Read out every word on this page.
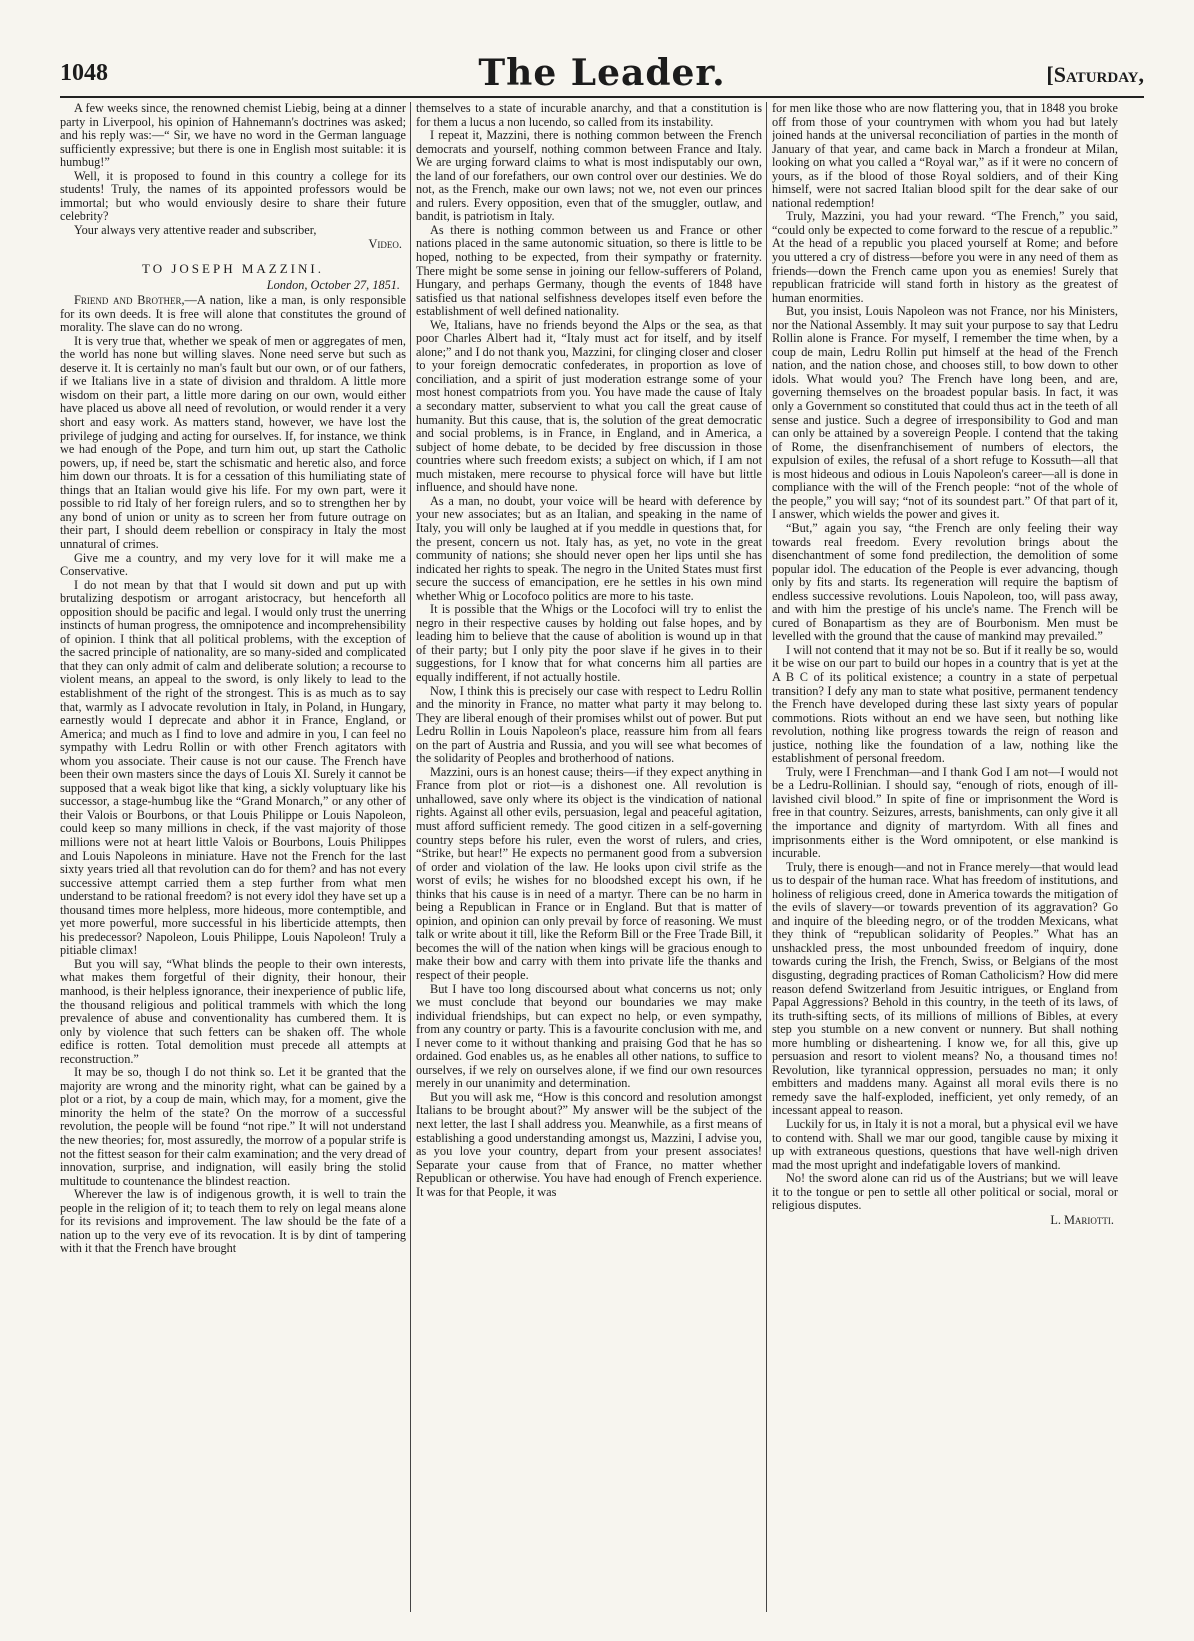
1048	The Leader.	[Saturday,

A few weeks since, the renowned chemist Liebig, being at a dinner party in Liverpool, his opinion of Hahnemann's doctrines was asked; and his reply was:—“ Sir, we have no word in the German language sufficiently expressive; but there is one in English most suitable: it is humbug!”

Well, it is proposed to found in this country a college for its students! Truly, the names of its appointed professors would be immortal; but who would enviously desire to share their future celebrity?

Your always very attentive reader and subscriber,

Video.

TO JOSEPH MAZZINI.

London, October 27, 1851.

Friend and Brother,—A nation, like a man, is only responsible for its own deeds. It is free will alone that constitutes the ground of morality. The slave can do no wrong.

It is very true that, whether we speak of men or aggregates of men, the world has none but willing slaves. None need serve but such as deserve it. It is certainly no man's fault but our own, or of our fathers, if we Italians live in a state of division and thraldom. A little more wisdom on their part, a little more daring on our own, would either have placed us above all need of revolution, or would render it a very short and easy work. As matters stand, however, we have lost the privilege of judging and acting for ourselves. If, for instance, we think we had enough of the Pope, and turn him out, up start the Catholic powers, up, if need be, start the schismatic and heretic also, and force him down our throats. It is for a cessation of this humiliating state of things that an Italian would give his life. For my own part, were it possible to rid Italy of her foreign rulers, and so to strengthen her by any bond of union or unity as to screen her from future outrage on their part, I should deem rebellion or conspiracy in Italy the most unnatural of crimes.

Give me a country, and my very love for it will make me a Conservative.

I do not mean by that that I would sit down and put up with brutalizing despotism or arrogant aristocracy, but henceforth all opposition should be pacific and legal. I would only trust the unerring instincts of human progress, the omnipotence and incomprehensibility of opinion. I think that all political problems, with the exception of the sacred principle of nationality, are so many-sided and complicated that they can only admit of calm and deliberate solution; a recourse to violent means, an appeal to the sword, is only likely to lead to the establishment of the right of the strongest. This is as much as to say that, warmly as I advocate revolution in Italy, in Poland, in Hungary, earnestly would I deprecate and abhor it in France, England, or America; and much as I find to love and admire in you, I can feel no sympathy with Ledru Rollin or with other French agitators with whom you associate. Their cause is not our cause. The French have been their own masters since the days of Louis XI. Surely it cannot be supposed that a weak bigot like that king, a sickly voluptuary like his successor, a stage-humbug like the “Grand Monarch,” or any other of their Valois or Bourbons, or that Louis Philippe or Louis Napoleon, could keep so many millions in check, if the vast majority of those millions were not at heart little Valois or Bourbons, Louis Philippes and Louis Napoleons in miniature. Have not the French for the last sixty years tried all that revolution can do for them? and has not every successive attempt carried them a step further from what men understand to be rational freedom? is not every idol they have set up a thousand times more helpless, more hideous, more contemptible, and yet more powerful, more successful in his liberticide attempts, then his predecessor? Napoleon, Louis Philippe, Louis Napoleon! Truly a pitiable climax!

But you will say, “What blinds the people to their own interests, what makes them forgetful of their dignity, their honour, their manhood, is their helpless ignorance, their inexperience of public life, the thousand religious and political trammels with which the long prevalence of abuse and conventionality has cumbered them. It is only by violence that such fetters can be shaken off. The whole edifice is rotten. Total demolition must precede all attempts at reconstruction.”

It may be so, though I do not think so. Let it be granted that the majority are wrong and the minority right, what can be gained by a plot or a riot, by a coup de main, which may, for a moment, give the minority the helm of the state? On the morrow of a successful revolution, the people will be found “not ripe.” It will not understand the new theories; for, most assuredly, the morrow of a popular strife is not the fittest season for their calm examination; and the very dread of innovation, surprise, and indignation, will easily bring the stolid multitude to countenance the blindest reaction.

Wherever the law is of indigenous growth, it is well to train the people in the religion of it; to teach them to rely on legal means alone for its revisions and improvement. The law should be the fate of a nation up to the very eve of its revocation. It is by dint of tampering with it that the French have brought

themselves to a state of incurable anarchy, and that a constitution is for them a lucus a non lucendo, so called from its instability.

I repeat it, Mazzini, there is nothing common between the French democrats and yourself, nothing common between France and Italy. We are urging forward claims to what is most indisputably our own, the land of our forefathers, our own control over our destinies. We do not, as the French, make our own laws; not we, not even our princes and rulers. Every opposition, even that of the smuggler, outlaw, and bandit, is patriotism in Italy.

As there is nothing common between us and France or other nations placed in the same autonomic situation, so there is little to be hoped, nothing to be expected, from their sympathy or fraternity. There might be some sense in joining our fellow-sufferers of Poland, Hungary, and perhaps Germany, though the events of 1848 have satisfied us that national selfishness developes itself even before the establishment of well defined nationality.

We, Italians, have no friends beyond the Alps or the sea, as that poor Charles Albert had it, “Italy must act for itself, and by itself alone;” and I do not thank you, Mazzini, for clinging closer and closer to your foreign democratic confederates, in proportion as love of conciliation, and a spirit of just moderation estrange some of your most honest compatriots from you. You have made the cause of Italy a secondary matter, subservient to what you call the great cause of humanity. But this cause, that is, the solution of the great democratic and social problems, is in France, in England, and in America, a subject of home debate, to be decided by free discussion in those countries where such freedom exists; a subject on which, if I am not much mistaken, mere recourse to physical force will have but little influence, and should have none.

As a man, no doubt, your voice will be heard with deference by your new associates; but as an Italian, and speaking in the name of Italy, you will only be laughed at if you meddle in questions that, for the present, concern us not. Italy has, as yet, no vote in the great community of nations; she should never open her lips until she has indicated her rights to speak. The negro in the United States must first secure the success of emancipation, ere he settles in his own mind whether Whig or Locofoco politics are more to his taste.

It is possible that the Whigs or the Locofoci will try to enlist the negro in their respective causes by holding out false hopes, and by leading him to believe that the cause of abolition is wound up in that of their party; but I only pity the poor slave if he gives in to their suggestions, for I know that for what concerns him all parties are equally indifferent, if not actually hostile.

Now, I think this is precisely our case with respect to Ledru Rollin and the minority in France, no matter what party it may belong to. They are liberal enough of their promises whilst out of power. But put Ledru Rollin in Louis Napoleon's place, reassure him from all fears on the part of Austria and Russia, and you will see what becomes of the solidarity of Peoples and brotherhood of nations.

Mazzini, ours is an honest cause; theirs—if they expect anything in France from plot or riot—is a dishonest one. All revolution is unhallowed, save only where its object is the vindication of national rights. Against all other evils, persuasion, legal and peaceful agitation, must afford sufficient remedy. The good citizen in a self-governing country steps before his ruler, even the worst of rulers, and cries, “Strike, but hear!” He expects no permanent good from a subversion of order and violation of the law. He looks upon civil strife as the worst of evils; he wishes for no bloodshed except his own, if he thinks that his cause is in need of a martyr. There can be no harm in being a Republican in France or in England. But that is matter of opinion, and opinion can only prevail by force of reasoning. We must talk or write about it till, like the Reform Bill or the Free Trade Bill, it becomes the will of the nation when kings will be gracious enough to make their bow and carry with them into private life the thanks and respect of their people.

But I have too long discoursed about what concerns us not; only we must conclude that beyond our boundaries we may make individual friendships, but can expect no help, or even sympathy, from any country or party. This is a favourite conclusion with me, and I never come to it without thanking and praising God that he has so ordained. God enables us, as he enables all other nations, to suffice to ourselves, if we rely on ourselves alone, if we find our own resources merely in our unanimity and determination.

But you will ask me, “How is this concord and resolution amongst Italians to be brought about?” My answer will be the subject of the next letter, the last I shall address you. Meanwhile, as a first means of establishing a good understanding amongst us, Mazzini, I advise you, as you love your country, depart from your present associates! Separate your cause from that of France, no matter whether Republican or otherwise. You have had enough of French experience. It was for that People, it was

for men like those who are now flattering you, that in 1848 you broke off from those of your countrymen with whom you had but lately joined hands at the universal reconciliation of parties in the month of January of that year, and came back in March a frondeur at Milan, looking on what you called a “Royal war,” as if it were no concern of yours, as if the blood of those Royal soldiers, and of their King himself, were not sacred Italian blood spilt for the dear sake of our national redemption!

Truly, Mazzini, you had your reward. “The French,” you said, “could only be expected to come forward to the rescue of a republic.” At the head of a republic you placed yourself at Rome; and before you uttered a cry of distress—before you were in any need of them as friends—down the French came upon you as enemies! Surely that republican fratricide will stand forth in history as the greatest of human enormities.

But, you insist, Louis Napoleon was not France, nor his Ministers, nor the National Assembly. It may suit your purpose to say that Ledru Rollin alone is France. For myself, I remember the time when, by a coup de main, Ledru Rollin put himself at the head of the French nation, and the nation chose, and chooses still, to bow down to other idols. What would you? The French have long been, and are, governing themselves on the broadest popular basis. In fact, it was only a Government so constituted that could thus act in the teeth of all sense and justice. Such a degree of irresponsibility to God and man can only be attained by a sovereign People. I contend that the taking of Rome, the disenfranchisement of numbers of electors, the expulsion of exiles, the refusal of a short refuge to Kossuth—all that is most hideous and odious in Louis Napoleon's career—all is done in compliance with the will of the French people: “not of the whole of the people,” you will say; “not of its soundest part.” Of that part of it, I answer, which wields the power and gives it.

“But,” again you say, “the French are only feeling their way towards real freedom. Every revolution brings about the disenchantment of some fond predilection, the demolition of some popular idol. The education of the People is ever advancing, though only by fits and starts. Its regeneration will require the baptism of endless successive revolutions. Louis Napoleon, too, will pass away, and with him the prestige of his uncle's name. The French will be cured of Bonapartism as they are of Bourbonism. Men must be levelled with the ground that the cause of mankind may prevailed.”

I will not contend that it may not be so. But if it really be so, would it be wise on our part to build our hopes in a country that is yet at the A B C of its political existence; a country in a state of perpetual transition? I defy any man to state what positive, permanent tendency the French have developed during these last sixty years of popular commotions. Riots without an end we have seen, but nothing like revolution, nothing like progress towards the reign of reason and justice, nothing like the foundation of a law, nothing like the establishment of personal freedom.

Truly, were I Frenchman—and I thank God I am not—I would not be a Ledru-Rollinian. I should say, “enough of riots, enough of ill-lavished civil blood.” In spite of fine or imprisonment the Word is free in that country. Seizures, arrests, banishments, can only give it all the importance and dignity of martyrdom. With all fines and imprisonments either is the Word omnipotent, or else mankind is incurable.

Truly, there is enough—and not in France merely—that would lead us to despair of the human race. What has freedom of institutions, and holiness of religious creed, done in America towards the mitigation of the evils of slavery—or towards prevention of its aggravation? Go and inquire of the bleeding negro, or of the trodden Mexicans, what they think of “republican solidarity of Peoples.” What has an unshackled press, the most unbounded freedom of inquiry, done towards curing the Irish, the French, Swiss, or Belgians of the most disgusting, degrading practices of Roman Catholicism? How did mere reason defend Switzerland from Jesuitic intrigues, or England from Papal Aggressions? Behold in this country, in the teeth of its laws, of its truth-sifting sects, of its millions of millions of Bibles, at every step you stumble on a new convent or nunnery. But shall nothing more humbling or disheartening. I know we, for all this, give up persuasion and resort to violent means? No, a thousand times no! Revolution, like tyrannical oppression, persuades no man; it only embitters and maddens many. Against all moral evils there is no remedy save the half-exploded, inefficient, yet only remedy, of an incessant appeal to reason.

Luckily for us, in Italy it is not a moral, but a physical evil we have to contend with. Shall we mar our good, tangible cause by mixing it up with extraneous questions, questions that have well-nigh driven mad the most upright and indefatigable lovers of mankind.

No! the sword alone can rid us of the Austrians; but we will leave it to the tongue or pen to settle all other political or social, moral or religious disputes.

L. Mariotti.
